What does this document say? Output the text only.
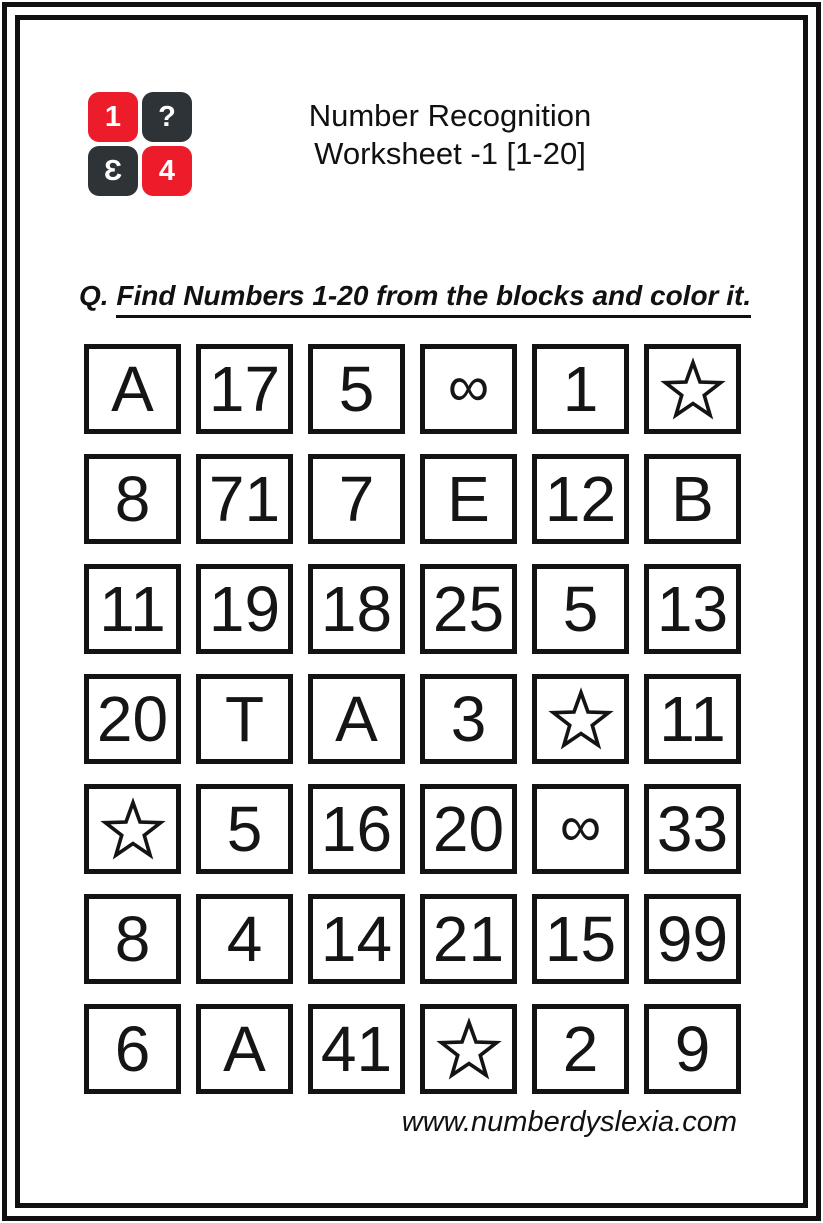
1 ?
Ɛ 4
Number Recognition
Worksheet -1 [1-20]
Q. Find Numbers 1-20 from the blocks and color it.
A 17 5 ∞ 1
8 71 7 E 12 B
11 19 18 25 5 13
20 T A 3	11
5 16 20 ∞ 33
8 4 14 21 15 99
6 A 41	2 9
www.numberdyslexia.com
